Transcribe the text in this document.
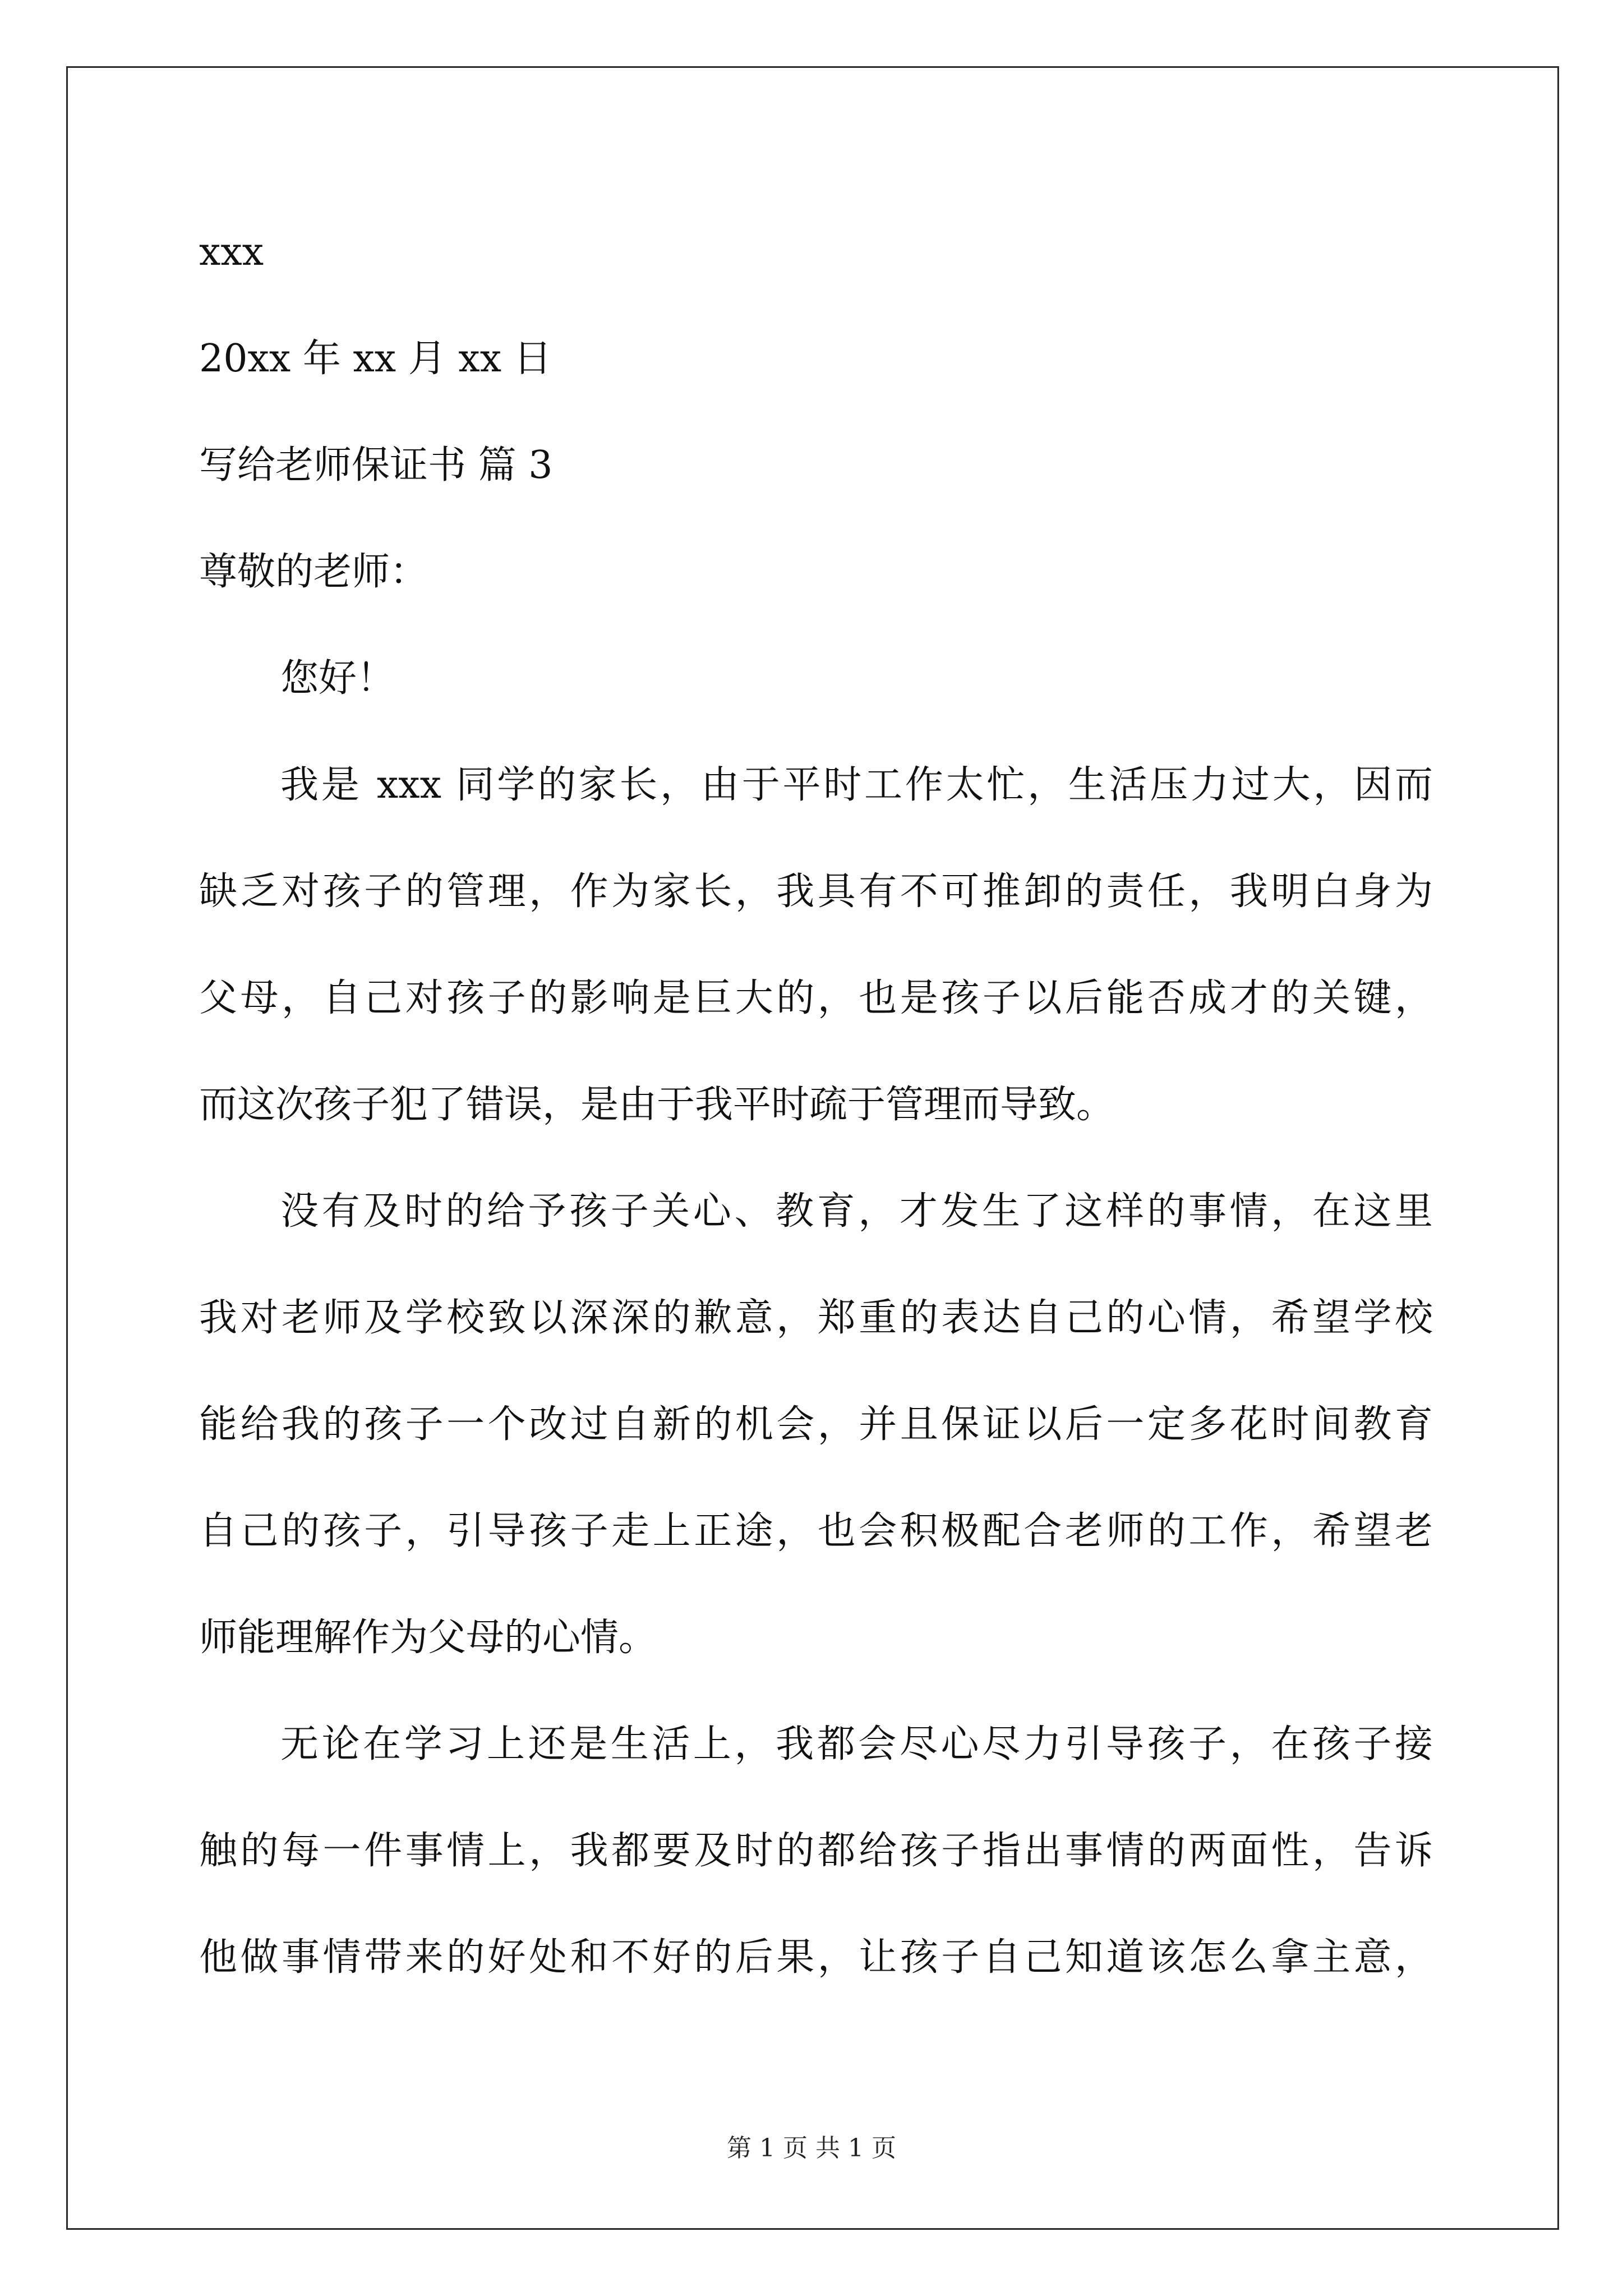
xxx
20xx 年 xx 月 xx 日
写给老师保证书 篇 3
尊敬的老师：
您好！
我是 xxx 同学的家长，由于平时工作太忙，生活压力过大，因而
缺乏对孩子的管理，作为家长，我具有不可推卸的责任，我明白身为
父母，自己对孩子的影响是巨大的，也是孩子以后能否成才的关键，
而这次孩子犯了错误，是由于我平时疏于管理而导致。
没有及时的给予孩子关心、教育，才发生了这样的事情，在这里
我对老师及学校致以深深的歉意，郑重的表达自己的心情，希望学校
能给我的孩子一个改过自新的机会，并且保证以后一定多花时间教育
自己的孩子，引导孩子走上正途，也会积极配合老师的工作，希望老
师能理解作为父母的心情。
无论在学习上还是生活上，我都会尽心尽力引导孩子，在孩子接
触的每一件事情上，我都要及时的都给孩子指出事情的两面性，告诉
他做事情带来的好处和不好的后果，让孩子自己知道该怎么拿主意，
第 1 页 共 1 页
